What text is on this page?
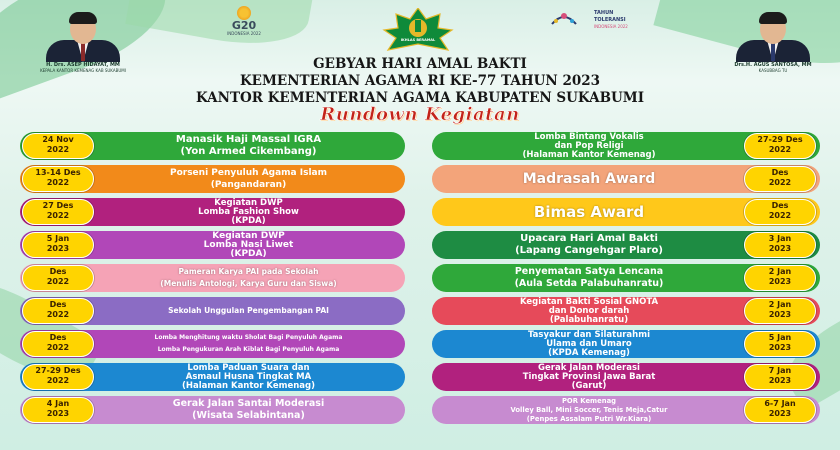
H. Drs. ASEP HIDAYAT, MM
KEPALA KANTOR KEMENAG KAB SUKABUMI
G20
INDONESIA 2022
IKHLAS BERAMAL
TAHUN
TOLERANSI
INDONESIA 2022
Drs.H. AGUS SANTOSA, MM
KASUBBAG TU
GEBYAR HARI AMAL BAKTI
KEMENTERIAN AGAMA RI KE-77 TAHUN 2023
KANTOR KEMENTERIAN AGAMA KABUPATEN SUKABUMI
Rundown Kegiatan
24 Nov
2022
Manasik Haji Massal IGRA
(Yon Armed Cikembang)
13-14 Des
2022
Porseni Penyuluh Agama Islam
(Pangandaran)
27 Des
2022
Kegiatan DWP
Lomba Fashion Show
(KPDA)
5 Jan
2023
Kegiatan DWP
Lomba Nasi Liwet
(KPDA)
Des
2022
Pameran Karya PAI pada Sekolah
(Menulis Antologi, Karya Guru dan Siswa)
Des
2022	Sekolah Unggulan Pengembangan PAI
Des
2022
Lomba Menghitung waktu Sholat Bagi Penyuluh Agama
Lomba Pengukuran Arah Kiblat Bagi Penyuluh Agama
27-29 Des
2022
Lomba Paduan Suara dan
Asmaul Husna Tingkat MA
(Halaman Kantor Kemenag)
4 Jan
2023
Gerak Jalan Santai Moderasi
(Wisata Selabintana)
27-29 Des
2022
Lomba Bintang Vokalis
dan Pop Religi
(Halaman Kantor Kemenag)
Des
2022
Madrasah Award
Des
2022
Bimas Award
3 Jan
2023
Upacara Hari Amal Bakti
(Lapang Cangehgar Plaro)
2 Jan
2023
Penyematan Satya Lencana
(Aula Setda Palabuhanratu)
2 Jan
2023
Kegiatan Bakti Sosial GNOTA
dan Donor darah
(Palabuhanratu)
5 Jan
2023
Tasyakur dan Silaturahmi
Ulama dan Umaro
(KPDA Kemenag)
7 Jan
2023
Gerak Jalan Moderasi
Tingkat Provinsi Jawa Barat
(Garut)
6-7 Jan
2023
POR Kemenag
Volley Ball, Mini Soccer, Tenis Meja,Catur
(Penpes Assalam Putri Wr.Kiara)
